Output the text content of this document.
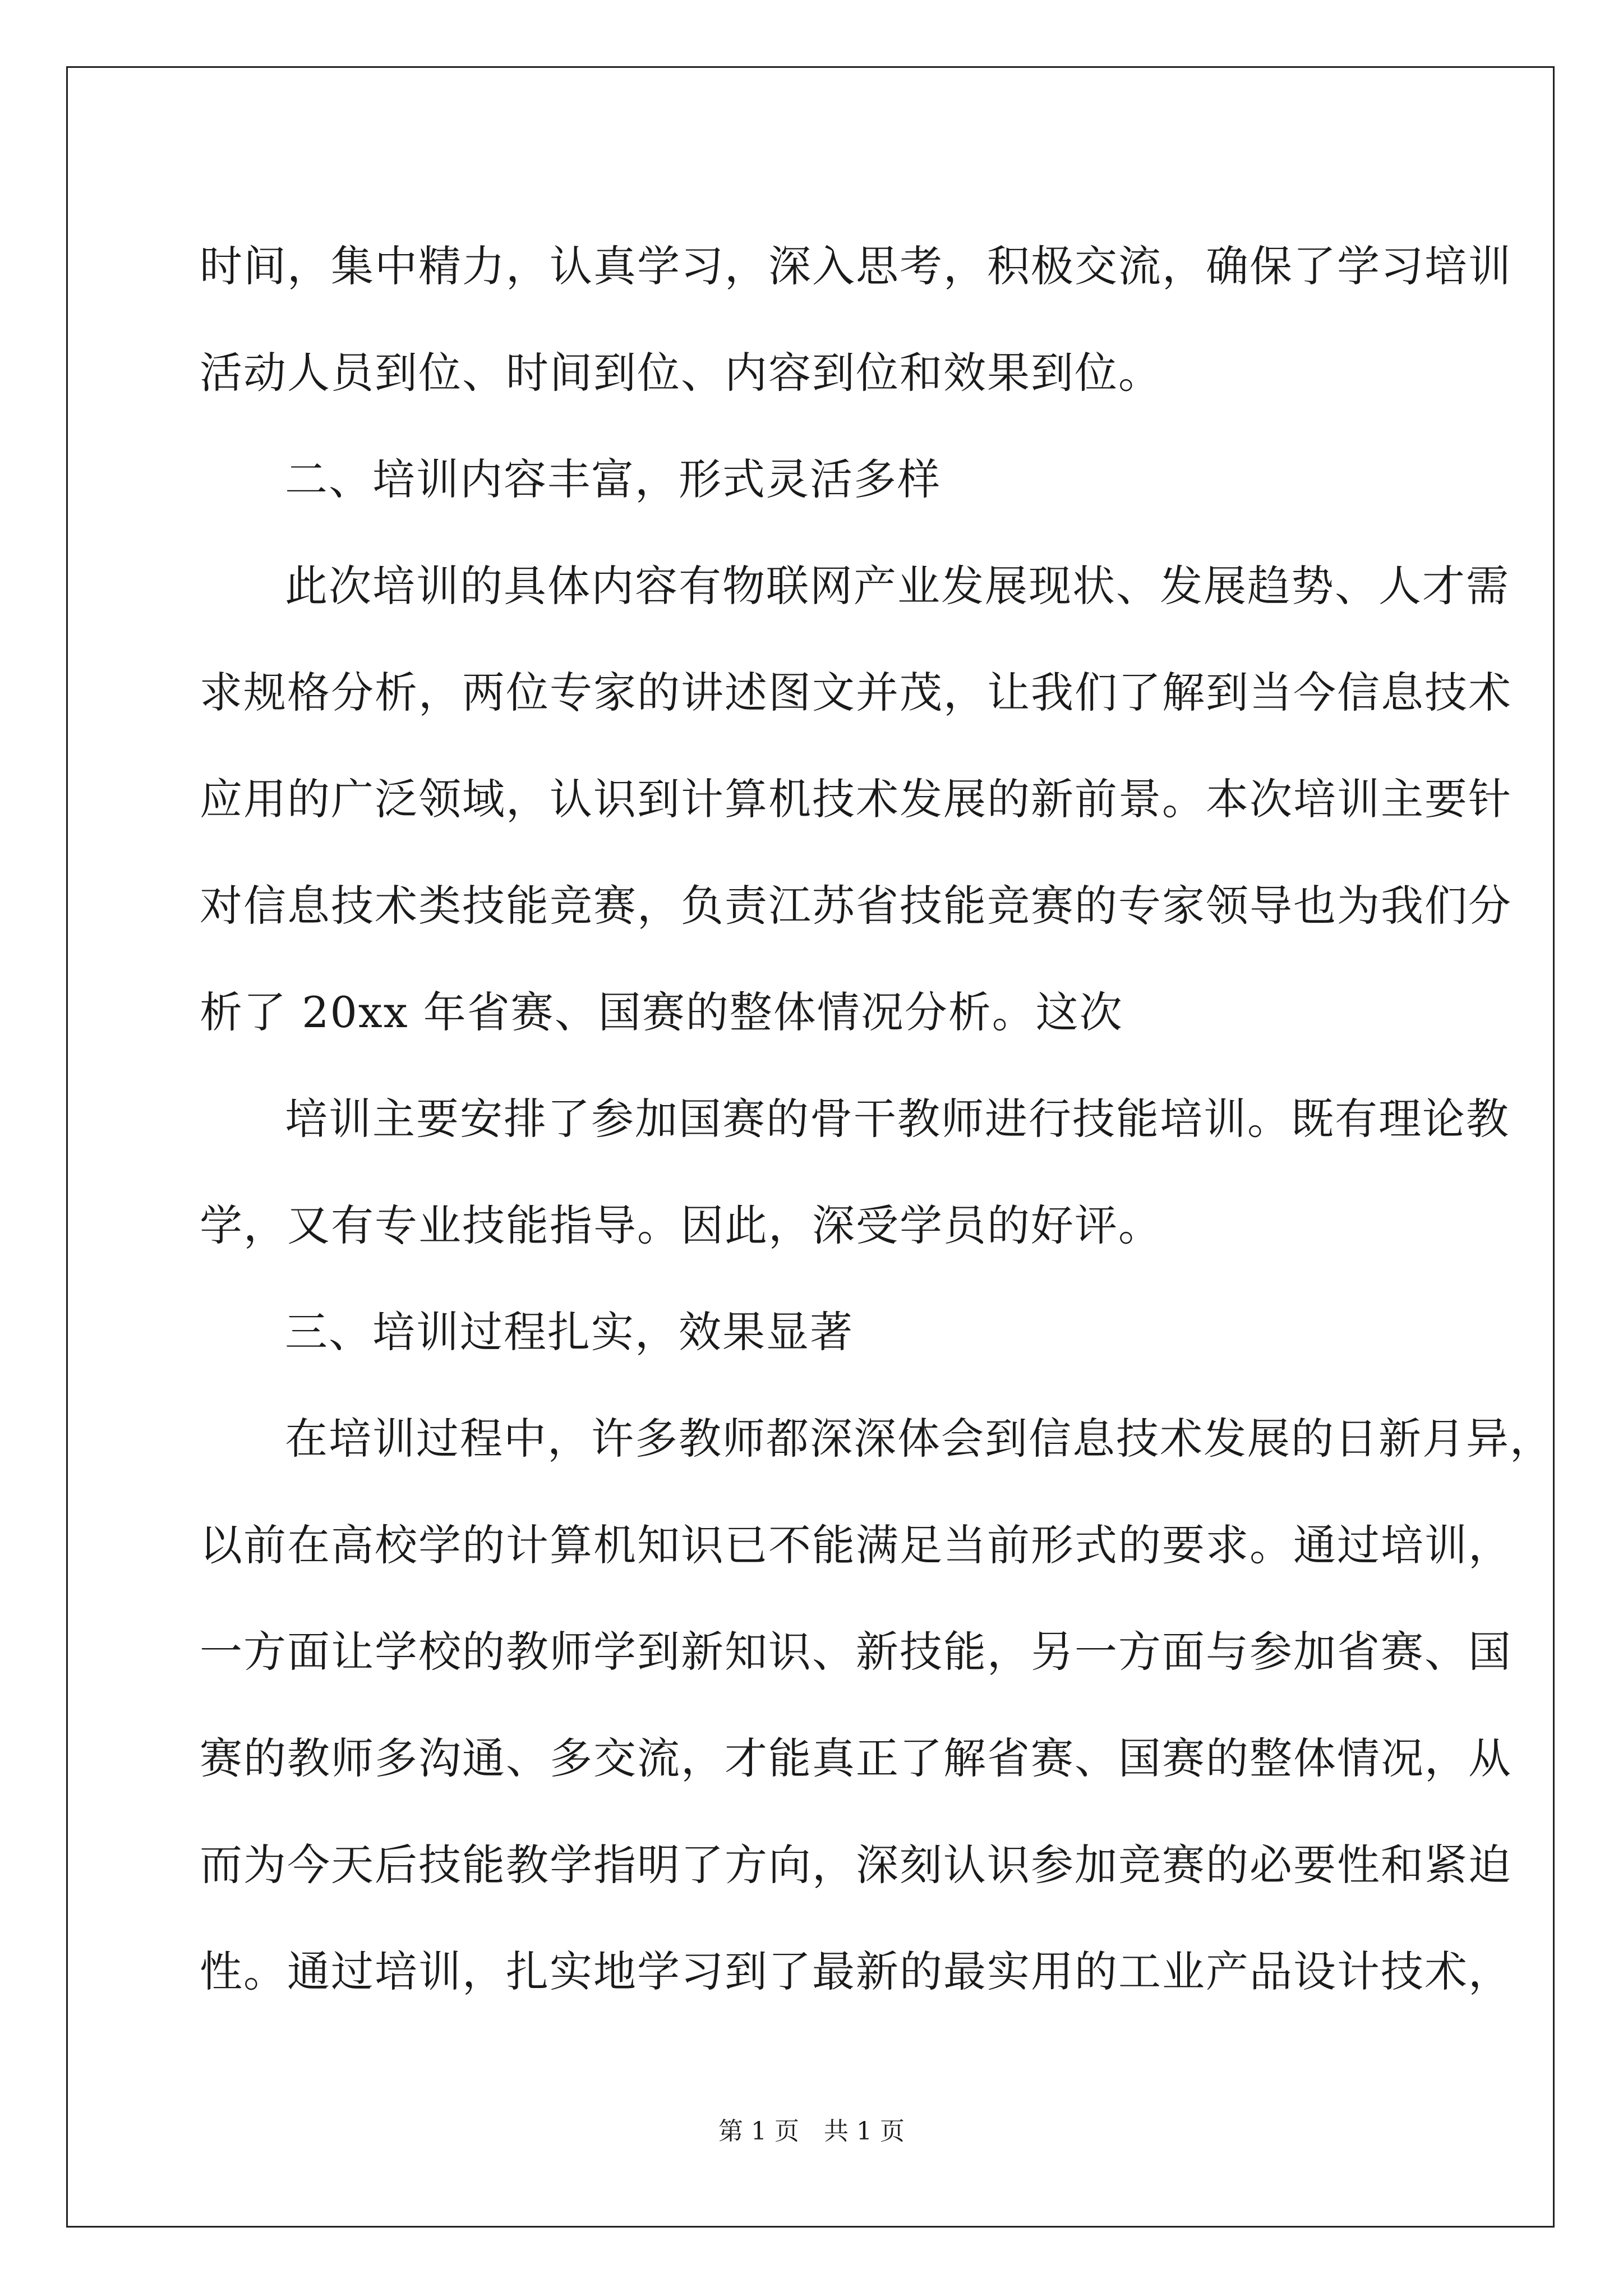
时间，集中精力，认真学习，深入思考，积极交流，确保了学习培训
活动人员到位、时间到位、内容到位和效果到位。
二、培训内容丰富，形式灵活多样
此次培训的具体内容有物联网产业发展现状、发展趋势、人才需
求规格分析，两位专家的讲述图文并茂，让我们了解到当今信息技术
应用的广泛领域，认识到计算机技术发展的新前景。本次培训主要针
对信息技术类技能竞赛，负责江苏省技能竞赛的专家领导也为我们分
析了 20xx 年省赛、国赛的整体情况分析。这次
培训主要安排了参加国赛的骨干教师进行技能培训。既有理论教
学，又有专业技能指导。因此，深受学员的好评。
三、培训过程扎实，效果显著
在培训过程中，许多教师都深深体会到信息技术发展的日新月异，
以前在高校学的计算机知识已不能满足当前形式的要求。通过培训，
一方面让学校的教师学到新知识、新技能，另一方面与参加省赛、国
赛的教师多沟通、多交流，才能真正了解省赛、国赛的整体情况，从
而为今天后技能教学指明了方向，深刻认识参加竞赛的必要性和紧迫
性。通过培训，扎实地学习到了最新的最实用的工业产品设计技术，
第 1 页 共 1 页
